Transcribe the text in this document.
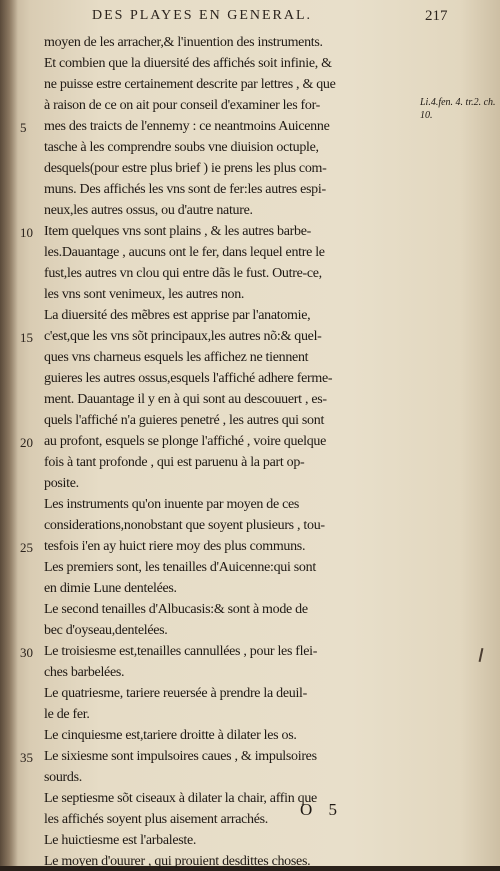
DES PLAYES EN GENERAL.	217
moyen de les arracher,& l'inuention des instruments.
Et combien que la diuersité des affichés soit infinie, &
ne puisse estre certainement descrite par lettres , & que
à raison de ce on ait pour conseil d'examiner les for-
mes des traicts de l'ennemy : ce neantmoins Auicenne
tasche à les comprendre soubs vne diuision octuple,
desquels(pour estre plus brief ) ie prens les plus com-
muns. Des affichés les vns sont de fer:les autres espi-
neux,les autres ossus, ou d'autre nature.
Item quelques vns sont plains , & les autres barbe-
les.Dauantage , aucuns ont le fer, dans lequel entre le
fust,les autres vn clou qui entre dãs le fust. Outre-ce,
les vns sont venimeux, les autres non.
La diuersité des mẽbres est apprise par l'anatomie,
c'est,que les vns sõt principaux,les autres nõ:& quel-
ques vns charneus esquels les affichez ne tiennent
guieres les autres ossus,esquels l'affiché adhere ferme-
ment. Dauantage il y en à qui sont au descouuert , es-
quels l'affiché n'a guieres penetré , les autres qui sont
au profont, esquels se plonge l'affiché , voire quelque
fois à tant profonde , qui est paruenu à la part op-
posite.
Les instruments qu'on inuente par moyen de ces
considerations,nonobstant que soyent plusieurs , tou-
tesfois i'en ay huict riere moy des plus communs.
Les premiers sont, les tenailles d'Auicenne:qui sont
en dimie Lune dentelées.
Le second tenailles d'Albucasis:& sont à mode de
bec d'oyseau,dentelées.
Le troisiesme est,tenailles cannullées , pour les flei-
ches barbelées.
Le quatriesme, tariere reuersée à prendre la deuil-
le de fer.
Le cinquiesme est,tariere droitte à dilater les os.
Le sixiesme sont impulsoires caues , & impulsoires
sourds.
Le septiesme sõt ciseaux à dilater la chair, affin que
les affichés soyent plus aisement arrachés.
Le huictiesme est l'arbaleste.
Le moyen d'ouurer , qui prouient desdittes choses.
5
10
15
20
25
30
35
Li.4.fen. 4. tr.2. ch. 10.
O 5
